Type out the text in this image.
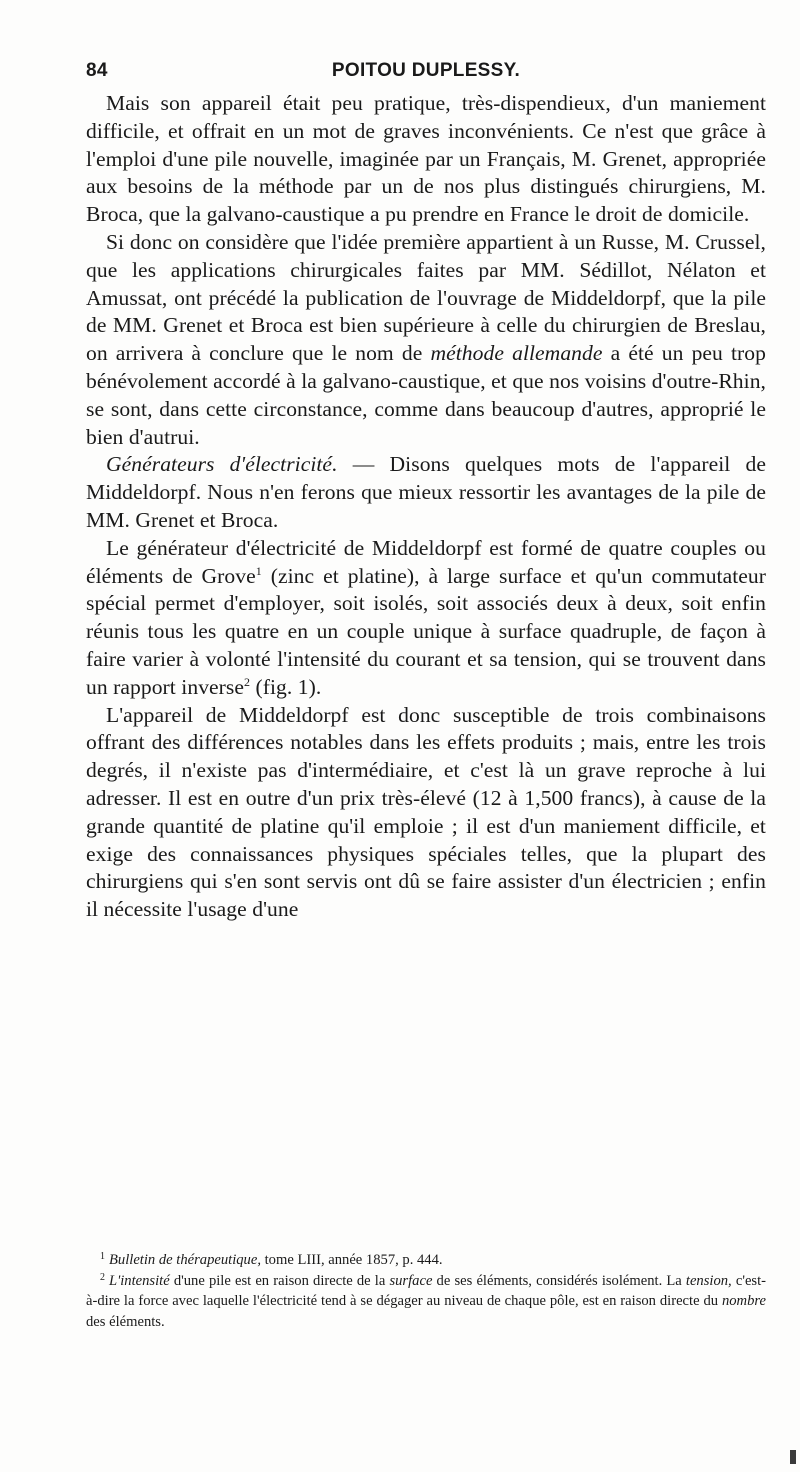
84	POITOU DUPLESSY.

Mais son appareil était peu pratique, très-dispendieux, d'un maniement difficile, et offrait en un mot de graves inconvénients. Ce n'est que grâce à l'emploi d'une pile nouvelle, imaginée par un Français, M. Grenet, appropriée aux besoins de la méthode par un de nos plus distingués chirurgiens, M. Broca, que la galvano-caustique a pu prendre en France le droit de domicile.

Si donc on considère que l'idée première appartient à un Russe, M. Crussel, que les applications chirurgicales faites par MM. Sédillot, Nélaton et Amussat, ont précédé la publication de l'ouvrage de Middeldorpf, que la pile de MM. Grenet et Broca est bien supérieure à celle du chirurgien de Breslau, on arrivera à conclure que le nom de méthode allemande a été un peu trop bénévolement accordé à la galvano-caustique, et que nos voisins d'outre-Rhin, se sont, dans cette circonstance, comme dans beaucoup d'autres, approprié le bien d'autrui.

Générateurs d'électricité. — Disons quelques mots de l'appareil de Middeldorpf. Nous n'en ferons que mieux ressortir les avantages de la pile de MM. Grenet et Broca.

Le générateur d'électricité de Middeldorpf est formé de quatre couples ou éléments de Grove$^1$ (zinc et platine), à large surface et qu'un commutateur spécial permet d'employer, soit isolés, soit associés deux à deux, soit enfin réunis tous les quatre en un couple unique à surface quadruple, de façon à faire varier à volonté l'intensité du courant et sa tension, qui se trouvent dans un rapport inverse$^2$ (fig. 1).

L'appareil de Middeldorpf est donc susceptible de trois combinaisons offrant des différences notables dans les effets produits ; mais, entre les trois degrés, il n'existe pas d'intermédiaire, et c'est là un grave reproche à lui adresser. Il est en outre d'un prix très-élevé (12 à 1,500 francs), à cause de la grande quantité de platine qu'il emploie ; il est d'un maniement difficile, et exige des connaissances physiques spéciales telles, que la plupart des chirurgiens qui s'en sont servis ont dû se faire assister d'un électricien ; enfin il nécessite l'usage d'une

$^1$ Bulletin de thérapeutique, tome LIII, année 1857, p. 444.

$^2$ L'intensité d'une pile est en raison directe de la surface de ses éléments, considérés isolément. La tension, c'est-à-dire la force avec laquelle l'électricité tend à se dégager au niveau de chaque pôle, est en raison directe du nombre des éléments.
